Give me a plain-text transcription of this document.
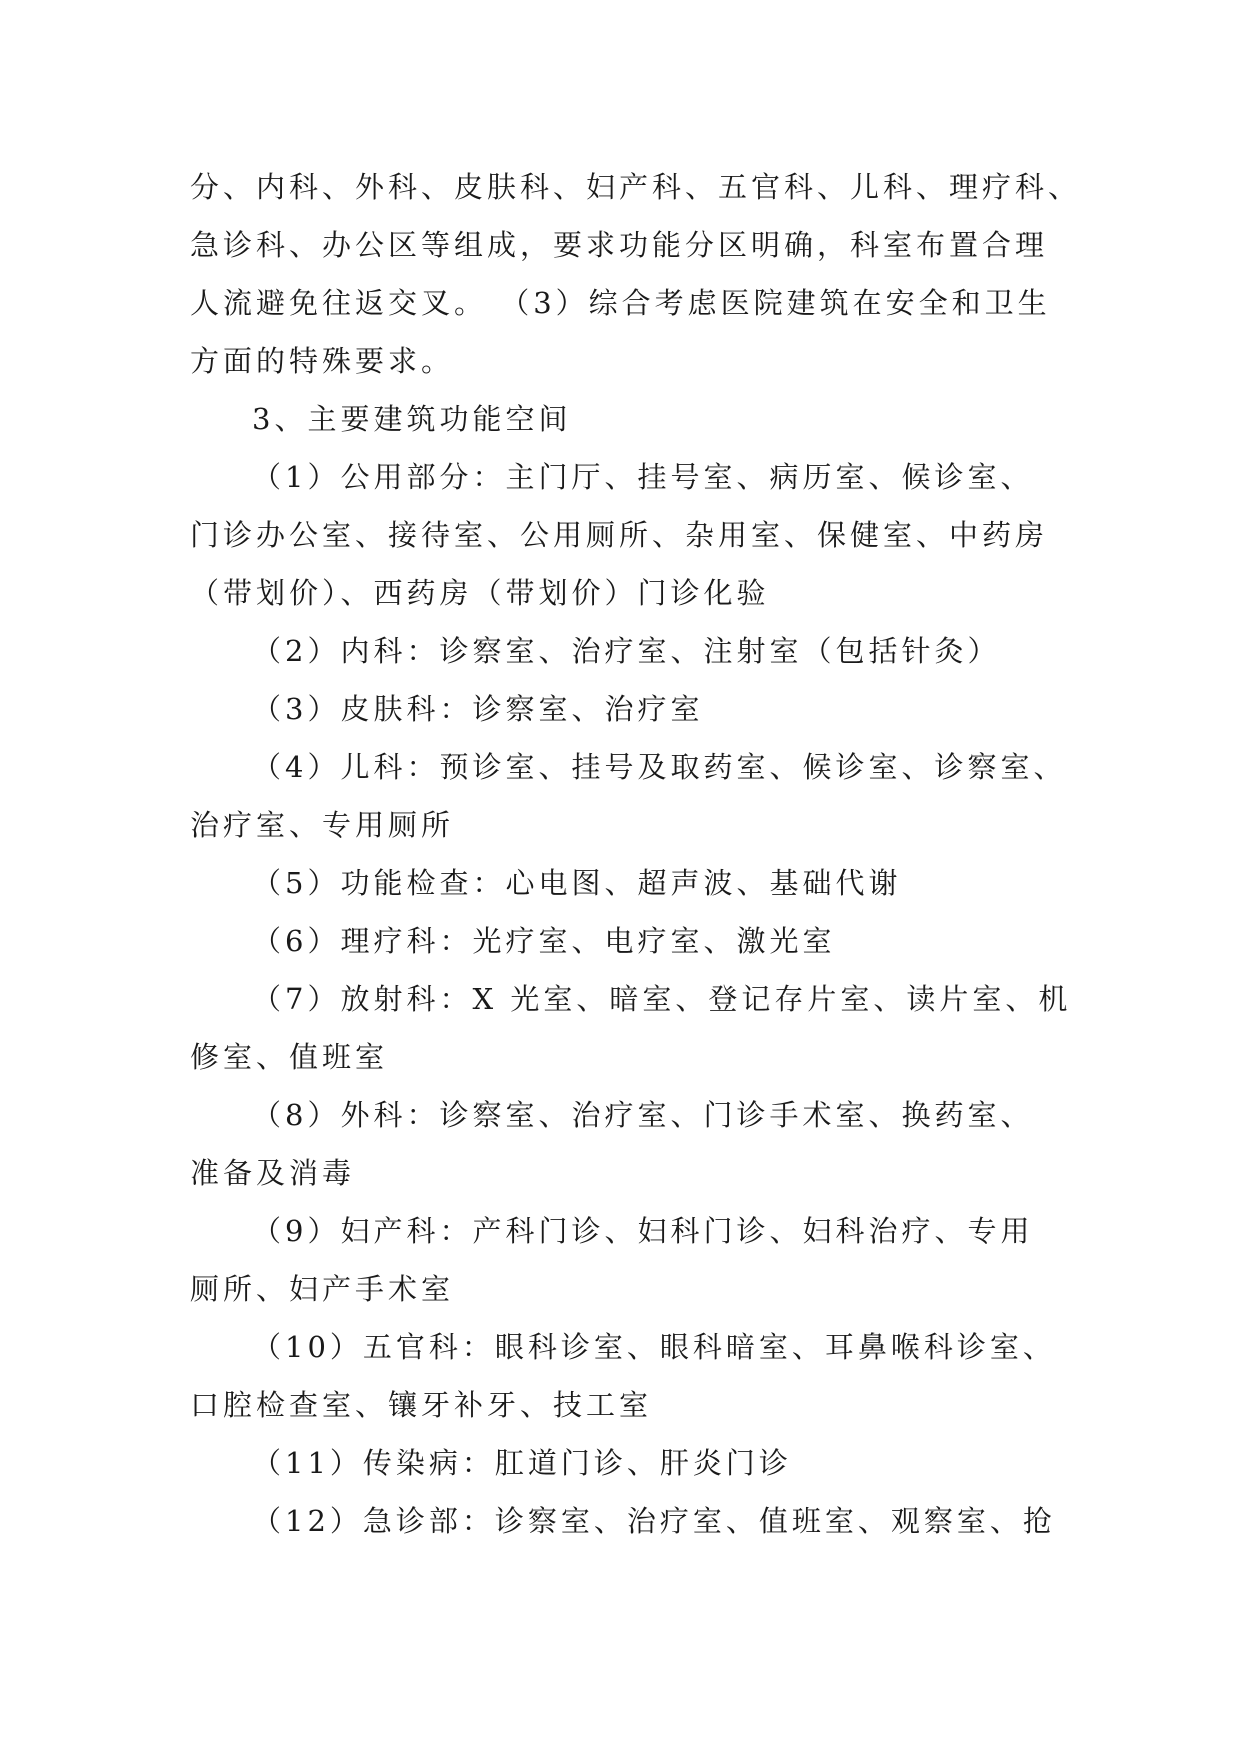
分、内科、外科、皮肤科、妇产科、五官科、儿科、理疗科、
急诊科、办公区等组成，要求功能分区明确，科室布置合理
人流避免往返交叉。 （3）综合考虑医院建筑在安全和卫生
方面的特殊要求。
3、主要建筑功能空间
（1）公用部分：主门厅、挂号室、病历室、候诊室、
门诊办公室、接待室、公用厕所、杂用室、保健室、中药房
（带划价）、西药房（带划价）门诊化验
（2）内科：诊察室、治疗室、注射室（包括针灸）
（3）皮肤科：诊察室、治疗室
（4）儿科：预诊室、挂号及取药室、候诊室、诊察室、
治疗室、专用厕所
（5）功能检查：心电图、超声波、基础代谢
（6）理疗科：光疗室、电疗室、激光室
（7）放射科：X 光室、暗室、登记存片室、读片室、机
修室、值班室
（8）外科：诊察室、治疗室、门诊手术室、换药室、
准备及消毒
（9）妇产科：产科门诊、妇科门诊、妇科治疗、专用
厕所、妇产手术室
（10）五官科：眼科诊室、眼科暗室、耳鼻喉科诊室、
口腔检查室、镶牙补牙、技工室
（11）传染病：肛道门诊、肝炎门诊
（12）急诊部：诊察室、治疗室、值班室、观察室、抢
